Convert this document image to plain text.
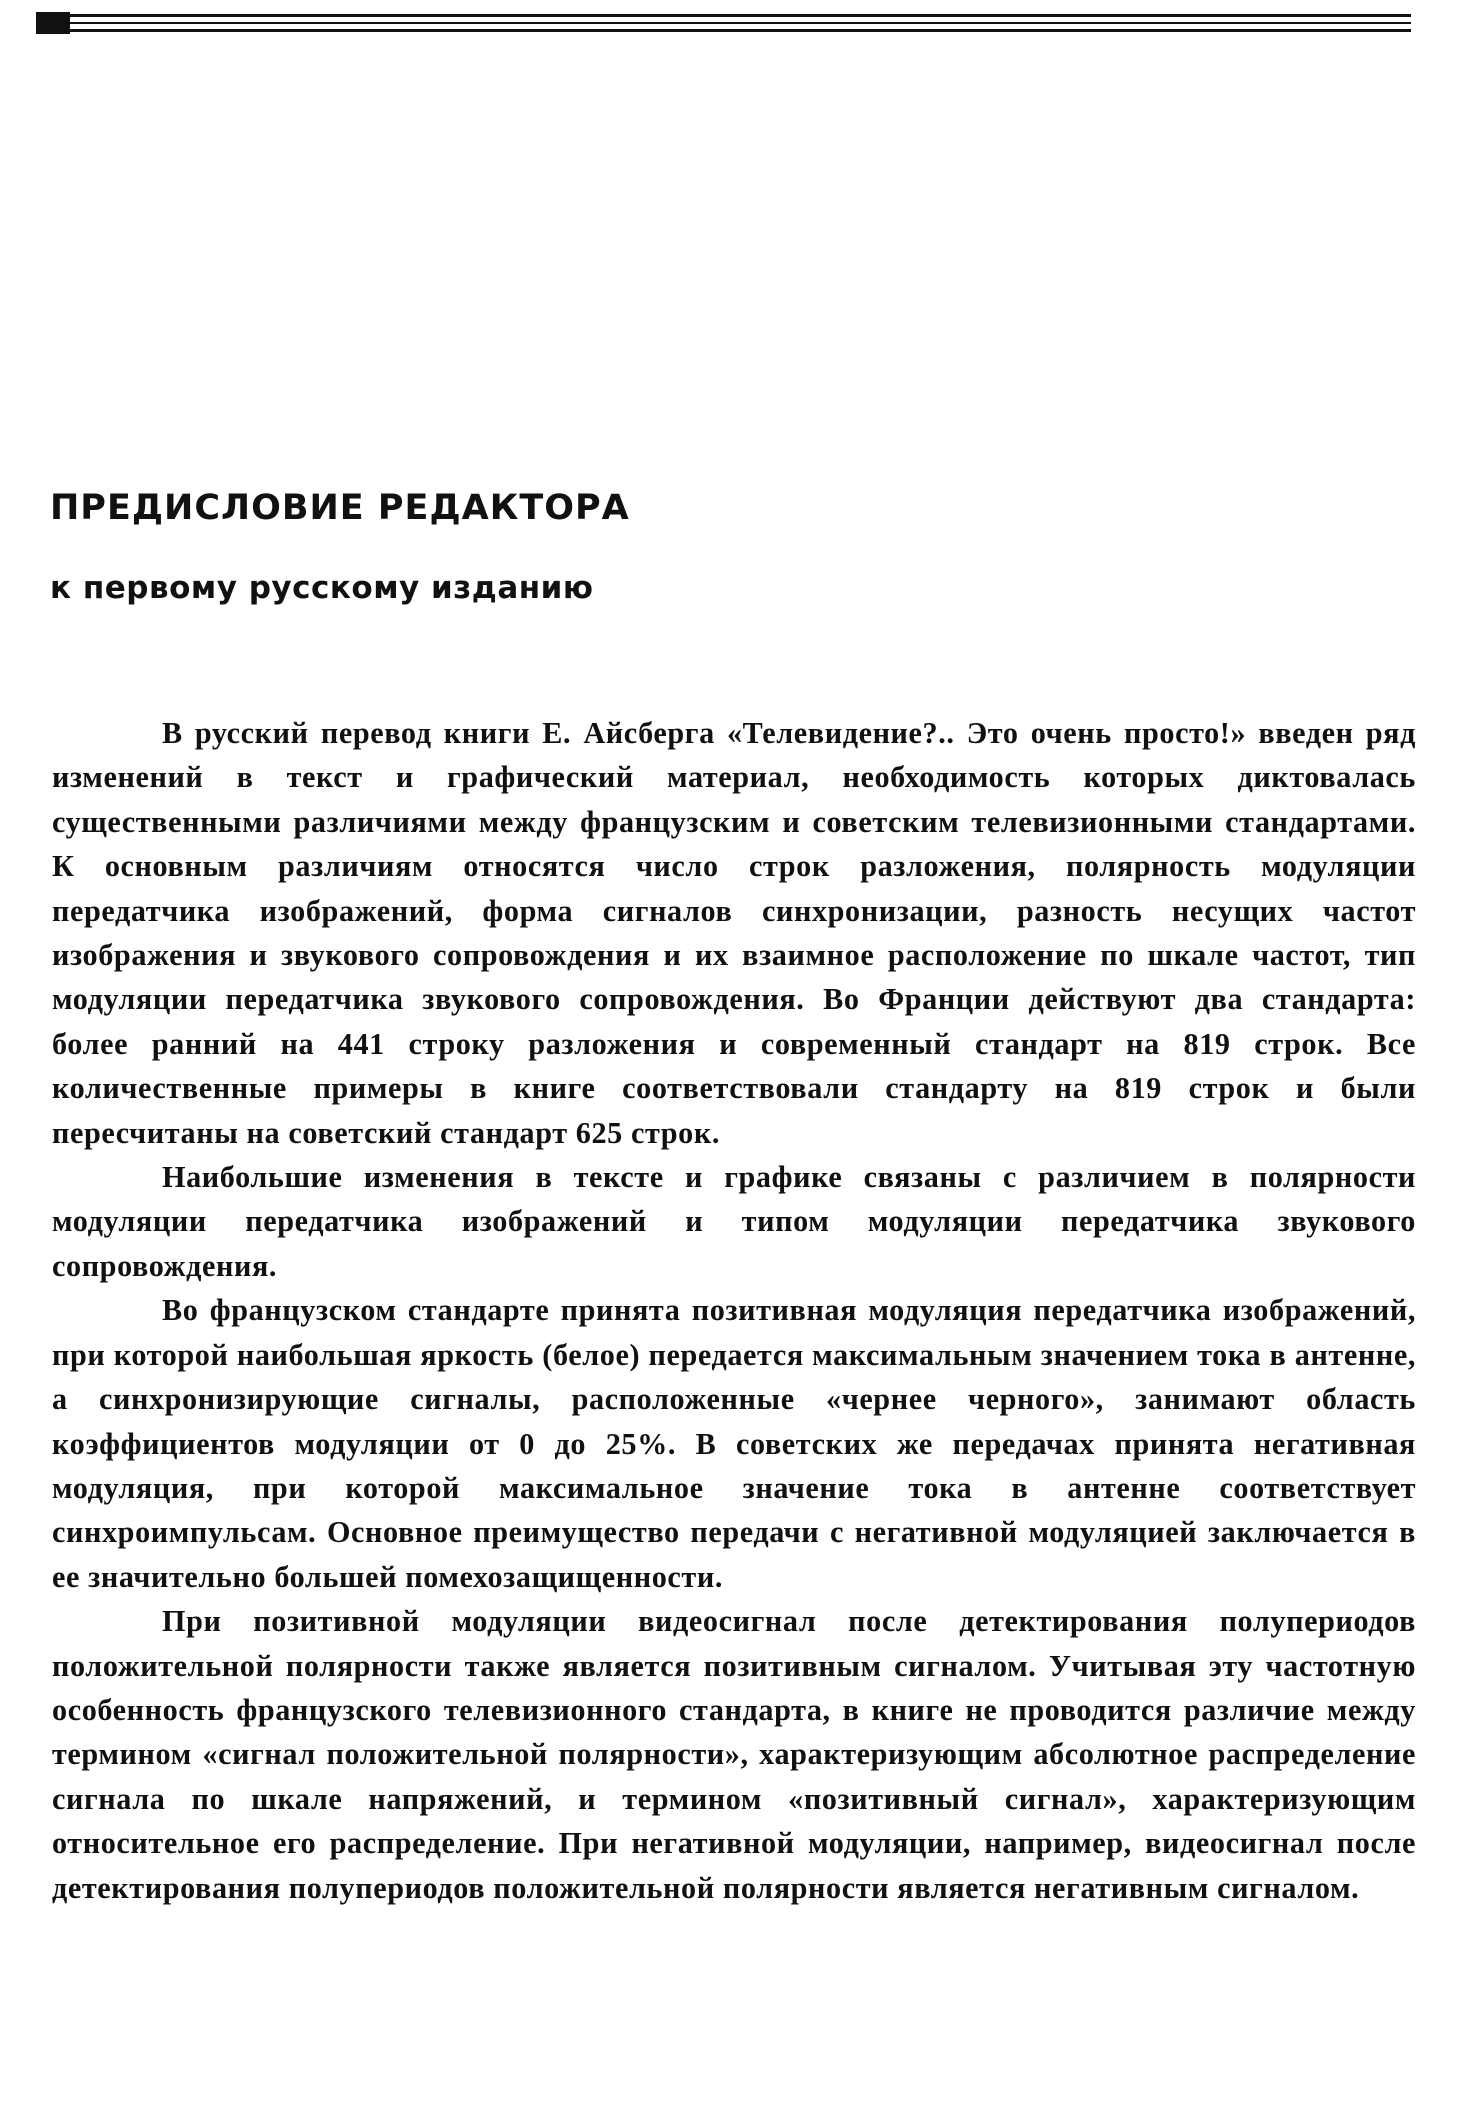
ПРЕДИСЛОВИЕ РЕДАКТОРА
к первому русскому изданию

В русский перевод книги Е. Айсберга «Телевидение?.. Это очень просто!» введен ряд изменений в текст и графический материал, необходимость которых диктовалась существенными различиями между французским и советским телевизионными стандартами. К основным различиям относятся число строк разложения, полярность модуляции передатчика изображений, форма сигналов синхронизации, разность несущих частот изображения и звукового сопровождения и их взаимное расположение по шкале частот, тип модуляции передатчика звукового сопровождения. Во Франции действуют два стандарта: более ранний на 441 строку разложения и современный стандарт на 819 строк. Все количественные примеры в книге соответствовали стандарту на 819 строк и были пересчитаны на советский стандарт 625 строк.

Наибольшие изменения в тексте и графике связаны с различием в полярности модуляции передатчика изображений и типом модуляции передатчика звукового сопровождения.

Во французском стандарте принята позитивная модуляция передатчика изображений, при которой наибольшая яркость (белое) передается максимальным значением тока в антенне, а синхронизирующие сигналы, расположенные «чернее черного», занимают область коэффициентов модуляции от 0 до 25%. В советских же передачах принята негативная модуляция, при которой максимальное значение тока в антенне соответствует синхроимпульсам. Основное преимущество передачи с негативной модуляцией заключается в ее значительно большей помехозащищенности.

При позитивной модуляции видеосигнал после детектирования полупериодов положительной полярности также является позитивным сигналом. Учитывая эту частотную особенность французского телевизионного стандарта, в книге не проводится различие между термином «сигнал положительной полярности», характеризующим абсолютное распределение сигнала по шкале напряжений, и термином «позитивный сигнал», характеризующим относительное его распределение. При негативной модуляции, например, видеосигнал после детектирования полупериодов положительной полярности является негативным сигналом.
